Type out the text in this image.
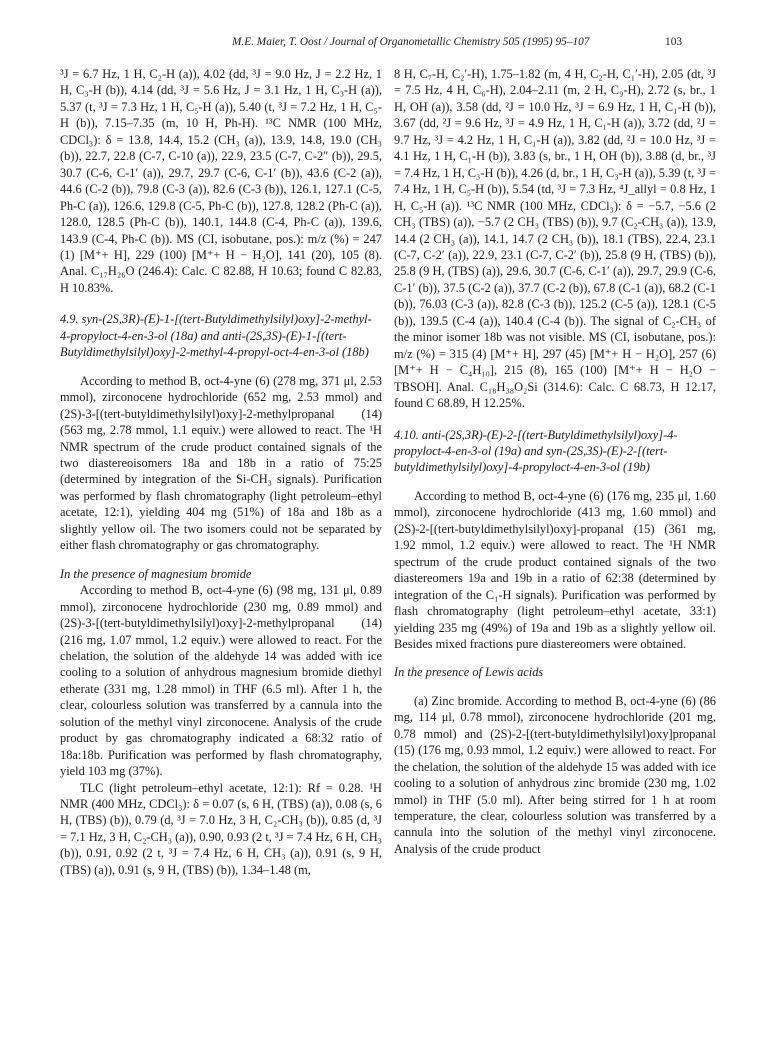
M.E. Maier, T. Oost / Journal of Organometallic Chemistry 505 (1995) 95–107	103

³J = 6.7 Hz, 1 H, C₂-H (a)), 4.02 (dd, ³J = 9.0 Hz, J = 2.2 Hz, 1 H, C₃-H (b)), 4.14 (dd, ³J = 5.6 Hz, J = 3.1 Hz, 1 H, C₃-H (a)), 5.37 (t, ³J = 7.3 Hz, 1 H, C₅-H (a)), 5.40 (t, ³J = 7.2 Hz, 1 H, C₅-H (b)), 7.15–7.35 (m, 10 H, Ph-H). ¹³C NMR (100 MHz, CDCl₃): δ = 13.8, 14.4, 15.2 (CH₃ (a)), 13.9, 14.8, 19.0 (CH₃ (b)), 22.7, 22.8 (C-7, C-10 (a)), 22.9, 23.5 (C-7, C-2″ (b)), 29.5, 30.7 (C-6, C-1′ (a)), 29.7, 29.7 (C-6, C-1′ (b)), 43.6 (C-2 (a)), 44.6 (C-2 (b)), 79.8 (C-3 (a)), 82.6 (C-3 (b)), 126.1, 127.1 (C-5, Ph-C (a)), 126.6, 129.8 (C-5, Ph-C (b)), 127.8, 128.2 (Ph-C (a)), 128.0, 128.5 (Ph-C (b)), 140.1, 144.8 (C-4, Ph-C (a)), 139.6, 143.9 (C-4, Ph-C (b)). MS (CI, isobutane, pos.): m/z (%) = 247 (1) [M⁺+ H], 229 (100) [M⁺+ H − H₂O], 141 (20), 105 (8). Anal. C₁₇H₂₆O (246.4): Calc. C 82.88, H 10.63; found C 82.83, H 10.83%.

4.9. syn-(2S,3R)-(E)-1-[(tert-Butyldimethylsilyl)oxy]-2-methyl-4-propyloct-4-en-3-ol (18a) and anti-(2S,3S)-(E)-1-[(tert-Butyldimethylsilyl)oxy]-2-methyl-4-propyl-oct-4-en-3-ol (18b)

According to method B, oct-4-yne (6) (278 mg, 371 μl, 2.53 mmol), zirconocene hydrochloride (652 mg, 2.53 mmol) and (2S)-3-[(tert-butyldimethylsilyl)oxy]-2-methylpropanal (14) (563 mg, 2.78 mmol, 1.1 equiv.) were allowed to react. The ¹H NMR spectrum of the crude product contained signals of the two diastereoisomers 18a and 18b in a ratio of 75:25 (determined by integration of the Si-CH₃ signals). Purification was performed by flash chromatography (light petroleum–ethyl acetate, 12:1), yielding 404 mg (51%) of 18a and 18b as a slightly yellow oil. The two isomers could not be separated by either flash chromatography or gas chromatography.

In the presence of magnesium bromide

According to method B, oct-4-yne (6) (98 mg, 131 μl, 0.89 mmol), zirconocene hydrochloride (230 mg, 0.89 mmol) and (2S)-3-[(tert-butyldimethylsilyl)oxy]-2-methylpropanal (14) (216 mg, 1.07 mmol, 1.2 equiv.) were allowed to react. For the chelation, the solution of the aldehyde 14 was added with ice cooling to a solution of anhydrous magnesium bromide diethyl etherate (331 mg, 1.28 mmol) in THF (6.5 ml). After 1 h, the clear, colourless solution was transferred by a cannula into the solution of the methyl vinyl zirconocene. Analysis of the crude product by gas chromatography indicated a 68:32 ratio of 18a:18b. Purification was performed by flash chromatography, yield 103 mg (37%).

TLC (light petroleum–ethyl acetate, 12:1): Rf = 0.28. ¹H NMR (400 MHz, CDCl₃): δ = 0.07 (s, 6 H, (TBS) (a)), 0.08 (s, 6 H, (TBS) (b)), 0.79 (d, ³J = 7.0 Hz, 3 H, C₂-CH₃ (b)), 0.85 (d, ³J = 7.1 Hz, 3 H, C₂-CH₃ (a)), 0.90, 0.93 (2 t, ³J = 7.4 Hz, 6 H, CH₃ (b)), 0.91, 0.92 (2 t, ³J = 7.4 Hz, 6 H, CH₃ (a)), 0.91 (s, 9 H, (TBS) (a)), 0.91 (s, 9 H, (TBS) (b)), 1.34–1.48 (m,

8 H, C₇-H, C₂′-H), 1.75–1.82 (m, 4 H, C₂-H, C₁′-H), 2.05 (dt, ³J = 7.5 Hz, 4 H, C₆-H), 2.04–2.11 (m, 2 H, C₉-H), 2.72 (s, br., 1 H, OH (a)), 3.58 (dd, ²J = 10.0 Hz, ³J = 6.9 Hz, 1 H, C₁-H (b)), 3.67 (dd, ²J = 9.6 Hz, ³J = 4.9 Hz, 1 H, C₁-H (a)), 3.72 (dd, ²J = 9.7 Hz, ³J = 4.2 Hz, 1 H, C₁-H (a)), 3.82 (dd, ²J = 10.0 Hz, ³J = 4.1 Hz, 1 H, C₁-H (b)), 3.83 (s, br., 1 H, OH (b)), 3.88 (d, br., ³J = 7.4 Hz, 1 H, C₃-H (b)), 4.26 (d, br., 1 H, C₃-H (a)), 5.39 (t, ³J = 7.4 Hz, 1 H, C₅-H (b)), 5.54 (td, ³J = 7.3 Hz, ⁴J_allyl = 0.8 Hz, 1 H, C₅-H (a)). ¹³C NMR (100 MHz, CDCl₃): δ = −5.7, −5.6 (2 CH₃ (TBS) (a)), −5.7 (2 CH₃ (TBS) (b)), 9.7 (C₂-CH₃ (a)), 13.9, 14.4 (2 CH₃ (a)), 14.1, 14.7 (2 CH₃ (b)), 18.1 (TBS), 22.4, 23.1 (C-7, C-2′ (a)), 22.9, 23.1 (C-7, C-2′ (b)), 25.8 (9 H, (TBS) (b)), 25.8 (9 H, (TBS) (a)), 29.6, 30.7 (C-6, C-1′ (a)), 29.7, 29.9 (C-6, C-1′ (b)), 37.5 (C-2 (a)), 37.7 (C-2 (b)), 67.8 (C-1 (a)), 68.2 (C-1 (b)), 76.03 (C-3 (a)), 82.8 (C-3 (b)), 125.2 (C-5 (a)), 128.1 (C-5 (b)), 139.5 (C-4 (a)), 140.4 (C-4 (b)). The signal of C₂-CH₃ of the minor isomer 18b was not visible. MS (CI, isobutane, pos.): m/z (%) = 315 (4) [M⁺+ H], 297 (45) [M⁺+ H − H₂O], 257 (6) [M⁺+ H − C₄H₁₀], 215 (8), 165 (100) [M⁺+ H − H₂O − TBSOH]. Anal. C₁₈H₃₈O₂Si (314.6): Calc. C 68.73, H 12.17, found C 68.89, H 12.25%.

4.10. anti-(2S,3R)-(E)-2-[(tert-Butyldimethylsilyl)oxy]-4-propyloct-4-en-3-ol (19a) and syn-(2S,3S)-(E)-2-[(tert-butyldimethylsilyl)oxy]-4-propyloct-4-en-3-ol (19b)

According to method B, oct-4-yne (6) (176 mg, 235 μl, 1.60 mmol), zirconocene hydrochloride (413 mg, 1.60 mmol) and (2S)-2-[(tert-butyldimethylsilyl)oxy]-propanal (15) (361 mg, 1.92 mmol, 1.2 equiv.) were allowed to react. The ¹H NMR spectrum of the crude product contained signals of the two diastereomers 19a and 19b in a ratio of 62:38 (determined by integration of the C₁-H signals). Purification was performed by flash chromatography (light petroleum–ethyl acetate, 33:1) yielding 235 mg (49%) of 19a and 19b as a slightly yellow oil. Besides mixed fractions pure diastereomers were obtained.

In the presence of Lewis acids

(a) Zinc bromide. According to method B, oct-4-yne (6) (86 mg, 114 μl, 0.78 mmol), zirconocene hydrochloride (201 mg, 0.78 mmol) and (2S)-2-[(tert-butyldimethylsilyl)oxy]propanal (15) (176 mg, 0.93 mmol, 1.2 equiv.) were allowed to react. For the chelation, the solution of the aldehyde 15 was added with ice cooling to a solution of anhydrous zinc bromide (230 mg, 1.02 mmol) in THF (5.0 ml). After being stirred for 1 h at room temperature, the clear, colourless solution was transferred by a cannula into the solution of the methyl vinyl zirconocene. Analysis of the crude product
